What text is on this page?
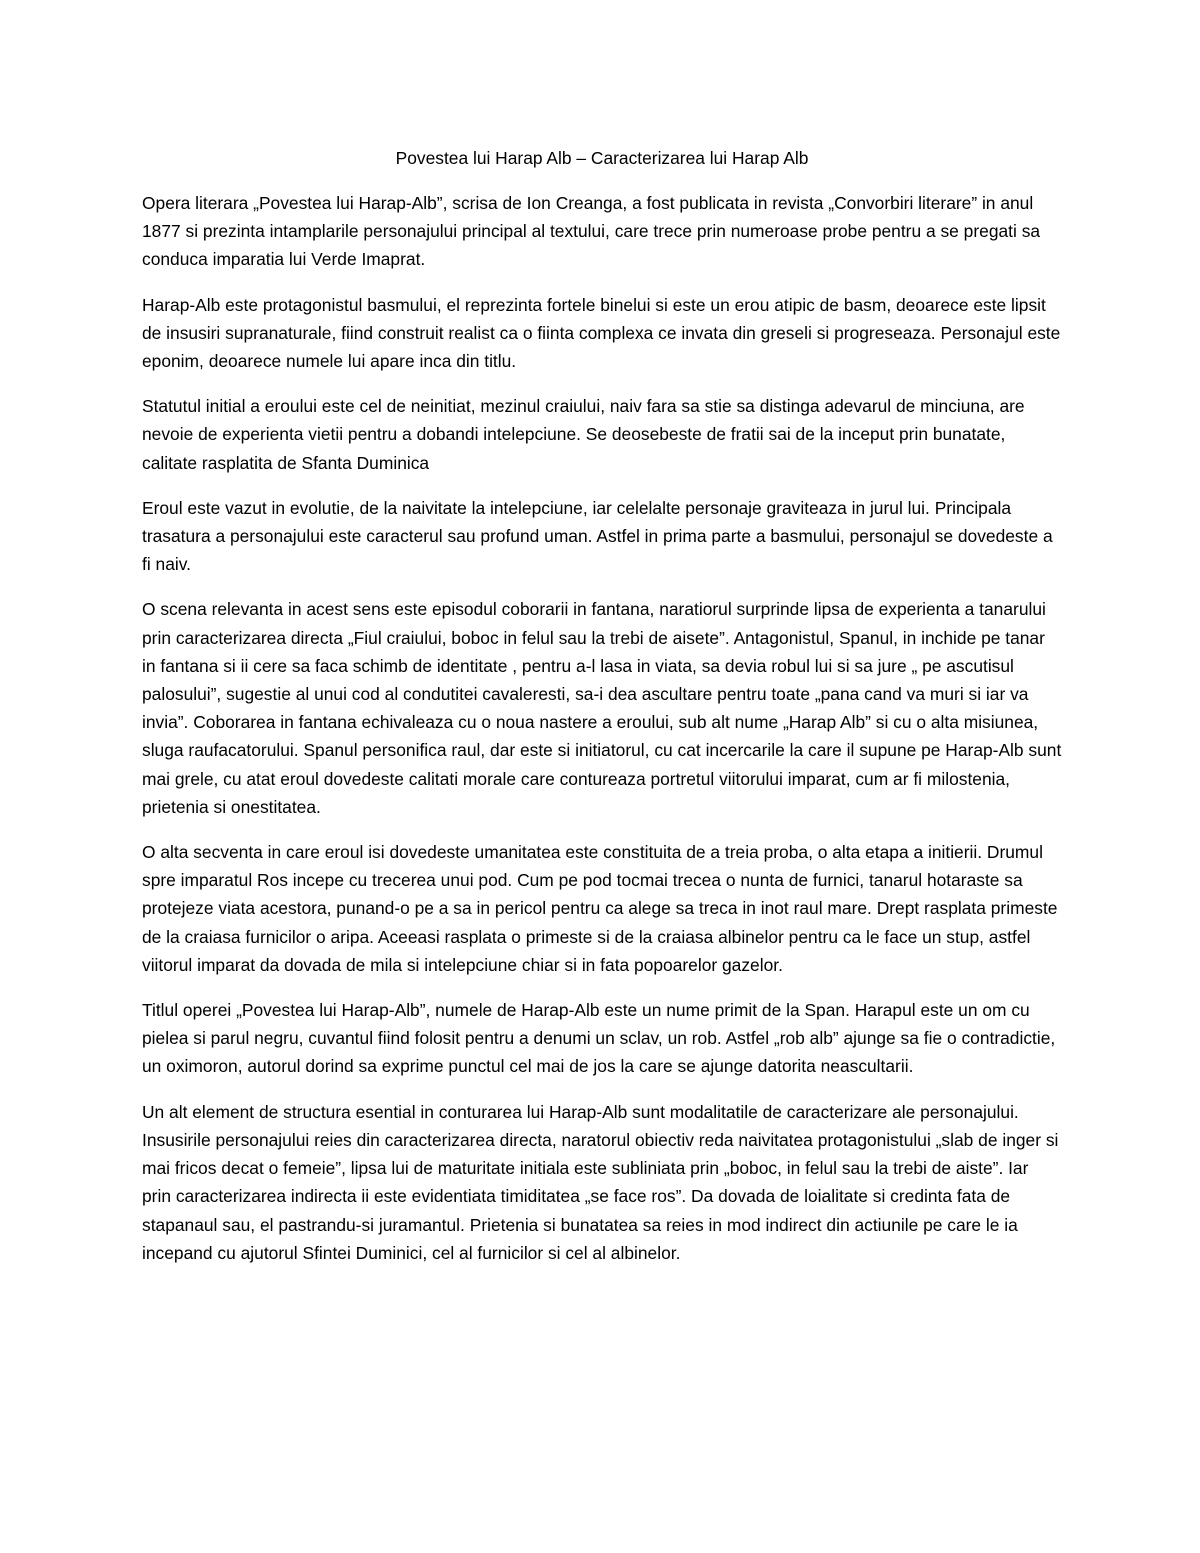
Povestea lui Harap Alb – Caracterizarea lui Harap Alb

Opera literara „Povestea lui Harap-Alb”, scrisa de Ion Creanga, a fost publicata in revista „Convorbiri literare” in anul 1877 si prezinta intamplarile personajului principal al textului, care trece prin numeroase probe pentru a se pregati sa conduca imparatia lui Verde Imaprat.

Harap-Alb este protagonistul basmului, el reprezinta fortele binelui si este un erou atipic de basm, deoarece este lipsit de insusiri supranaturale, fiind construit realist ca o fiinta complexa ce invata din greseli si progreseaza. Personajul este eponim, deoarece numele lui apare inca din titlu.

Statutul initial a eroului este cel de neinitiat, mezinul craiului, naiv fara sa stie sa distinga adevarul de minciuna, are nevoie de experienta vietii pentru a dobandi intelepciune. Se deosebeste de fratii sai de la inceput prin bunatate, calitate rasplatita de Sfanta Duminica

Eroul este vazut in evolutie, de la naivitate la intelepciune, iar celelalte personaje graviteaza in jurul lui. Principala trasatura a personajului este caracterul sau profund uman. Astfel in prima parte a basmului, personajul se dovedeste a fi naiv.

O scena relevanta in acest sens este episodul coborarii in fantana, naratiorul surprinde lipsa de experienta a tanarului prin caracterizarea directa „Fiul craiului, boboc in felul sau la trebi de aisete”. Antagonistul, Spanul, in inchide pe tanar in fantana si ii cere sa faca schimb de identitate , pentru a-l lasa in viata, sa devia robul lui si sa jure „ pe ascutisul palosului”, sugestie al unui cod al condutitei cavaleresti, sa-i dea ascultare pentru toate „pana cand va muri si iar va invia”. Coborarea in fantana echivaleaza cu o noua nastere a eroului, sub alt nume „Harap Alb” si cu o alta misiunea, sluga raufacatorului. Spanul personifica raul, dar este si initiatorul, cu cat incercarile la care il supune pe Harap-Alb sunt mai grele, cu atat eroul dovedeste calitati morale care contureaza portretul viitorului imparat, cum ar fi milostenia, prietenia si onestitatea.

O alta secventa in care eroul isi dovedeste umanitatea este constituita de a treia proba, o alta etapa a initierii. Drumul spre imparatul Ros incepe cu trecerea unui pod. Cum pe pod tocmai trecea o nunta de furnici, tanarul hotaraste sa protejeze viata acestora, punand-o pe a sa in pericol pentru ca alege sa treca in inot raul mare. Drept rasplata primeste de la craiasa furnicilor o aripa. Aceeasi rasplata o primeste si de la craiasa albinelor pentru ca le face un stup, astfel viitorul imparat da dovada de mila si intelepciune chiar si in fata popoarelor gazelor.

Titlul operei „Povestea lui Harap-Alb”, numele de Harap-Alb este un nume primit de la Span. Harapul este un om cu pielea si parul negru, cuvantul fiind folosit pentru a denumi un sclav, un rob. Astfel „rob alb” ajunge sa fie o contradictie, un oximoron, autorul dorind sa exprime punctul cel mai de jos la care se ajunge datorita neascultarii.

Un alt element de structura esential in conturarea lui Harap-Alb sunt modalitatile de caracterizare ale personajului. Insusirile personajului reies din caracterizarea directa, naratorul obiectiv reda naivitatea protagonistului „slab de inger si mai fricos decat o femeie”, lipsa lui de maturitate initiala este subliniata prin „boboc, in felul sau la trebi de aiste”. Iar prin caracterizarea indirecta ii este evidentiata timiditatea „se face ros”. Da dovada de loialitate si credinta fata de stapanaul sau, el pastrandu-si juramantul. Prietenia si bunatatea sa reies in mod indirect din actiunile pe care le ia incepand cu ajutorul Sfintei Duminici, cel al furnicilor si cel al albinelor.
